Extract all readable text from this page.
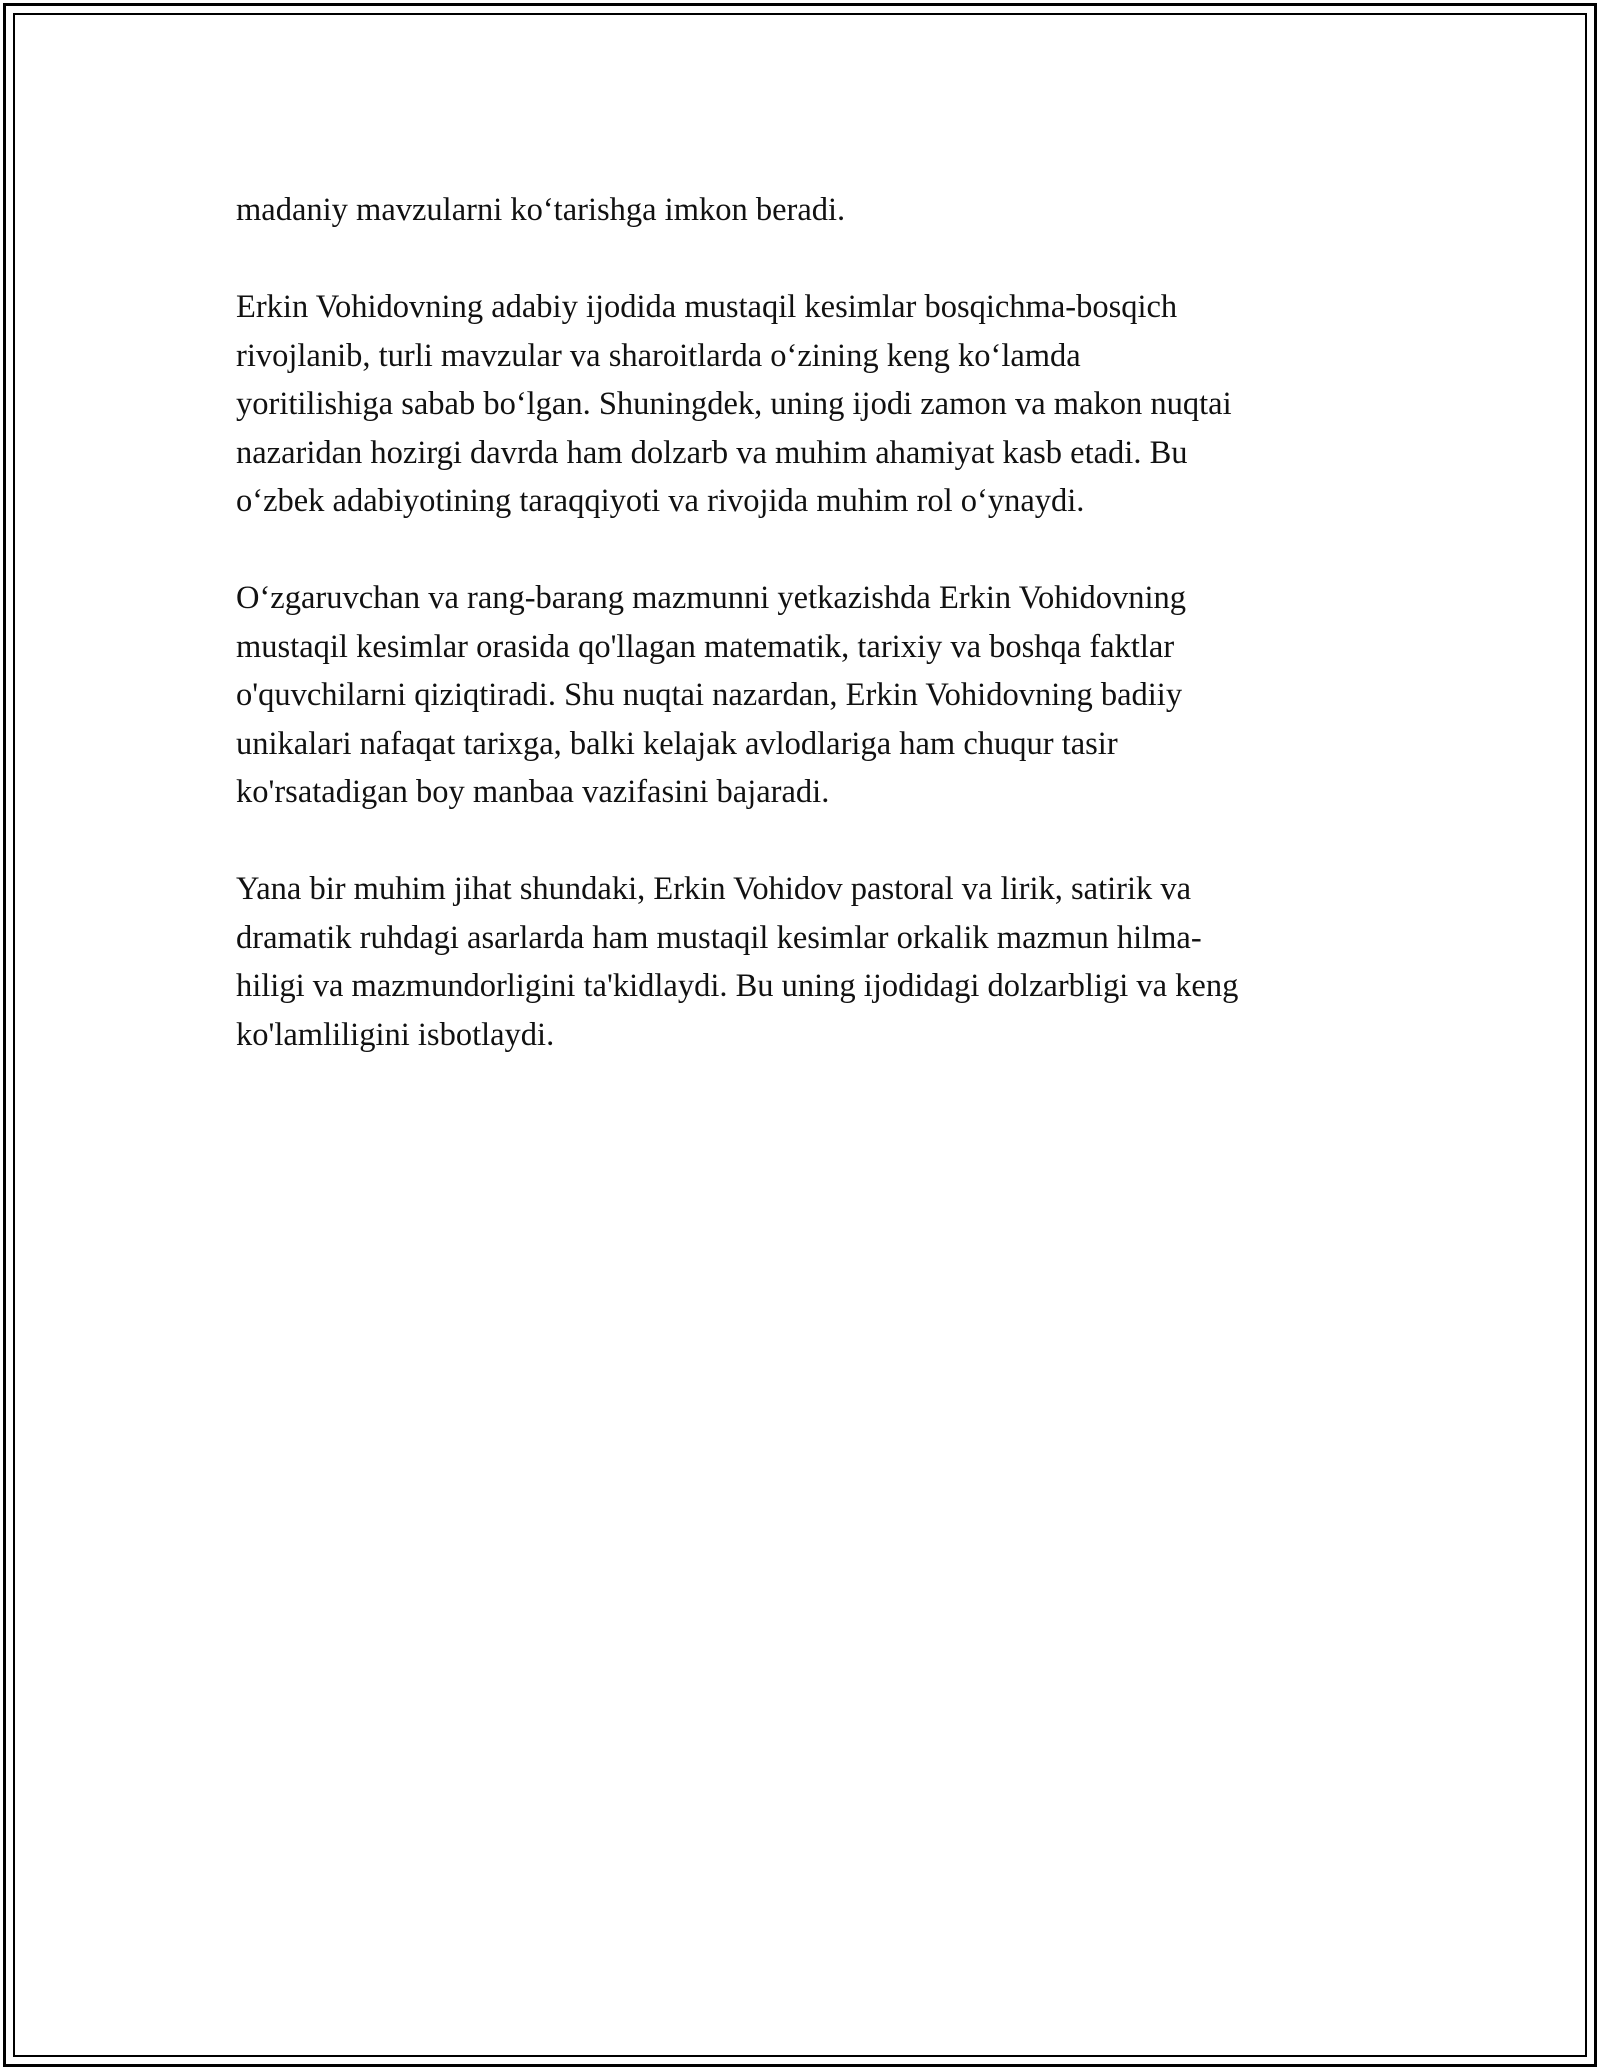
madaniy mavzularni ko‘tarishga imkon beradi.

Erkin Vohidovning adabiy ijodida mustaqil kesimlar bosqichma-bosqich
rivojlanib, turli mavzular va sharoitlarda o‘zining keng ko‘lamda
yoritilishiga sabab bo‘lgan. Shuningdek, uning ijodi zamon va makon nuqtai
nazaridan hozirgi davrda ham dolzarb va muhim ahamiyat kasb etadi. Bu
o‘zbek adabiyotining taraqqiyoti va rivojida muhim rol o‘ynaydi.

O‘zgaruvchan va rang-barang mazmunni yetkazishda Erkin Vohidovning
mustaqil kesimlar orasida qo'llagan matematik, tarixiy va boshqa faktlar
o'quvchilarni qiziqtiradi. Shu nuqtai nazardan, Erkin Vohidovning badiiy
unikalari nafaqat tarixga, balki kelajak avlodlariga ham chuqur tasir
ko'rsatadigan boy manbaa vazifasini bajaradi.

Yana bir muhim jihat shundaki, Erkin Vohidov pastoral va lirik, satirik va
dramatik ruhdagi asarlarda ham mustaqil kesimlar orkalik mazmun hilma-
hiligi va mazmundorligini ta'kidlaydi. Bu uning ijodidagi dolzarbligi va keng
ko'lamliligini isbotlaydi.
